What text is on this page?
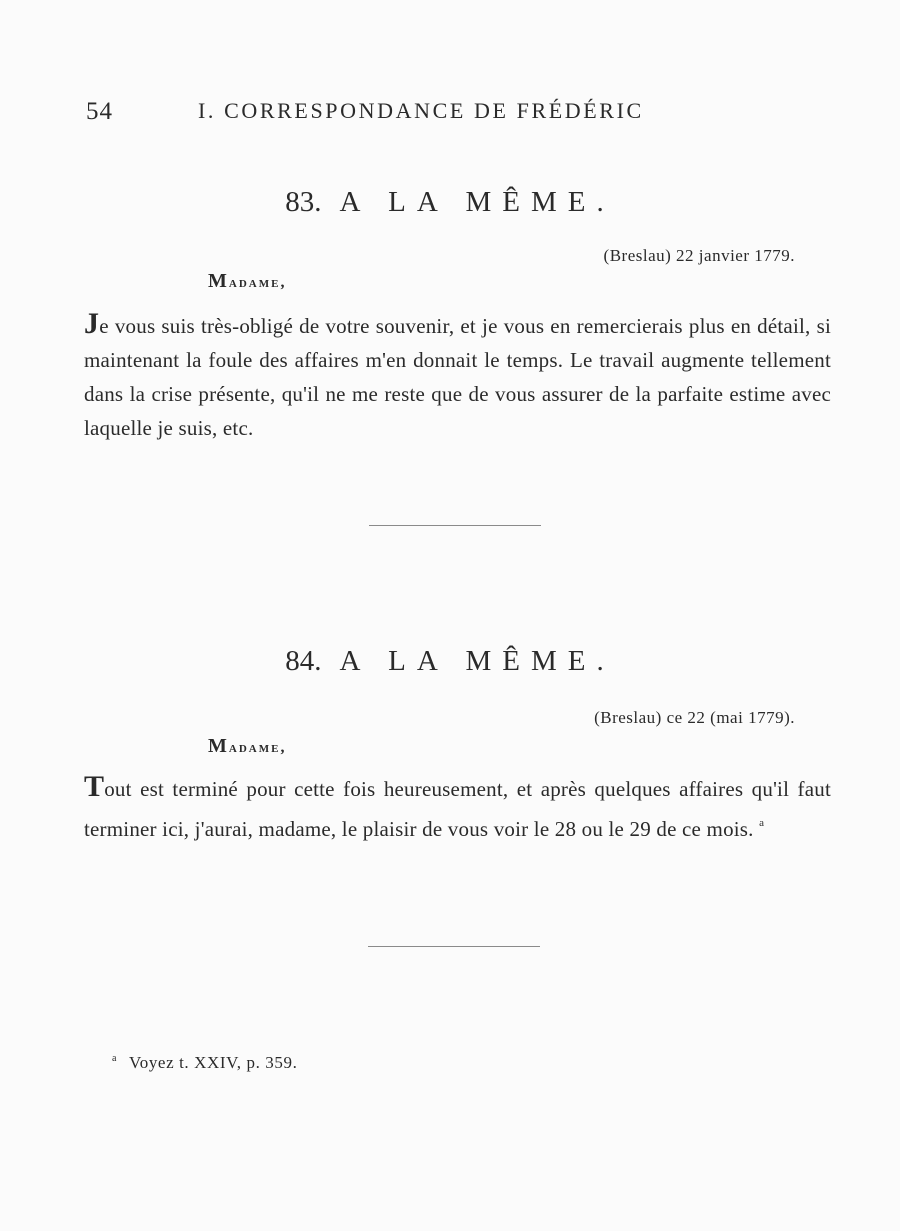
54	I. CORRESPONDANCE DE FRÉDÉRIC
83. A LA MÊME.
(Breslau) 22 janvier 1779.
Madame,
Je vous suis très-obligé de votre souvenir, et je vous en remercierais plus en détail, si maintenant la foule des affaires m'en donnait le temps. Le travail augmente tellement dans la crise présente, qu'il ne me reste que de vous assurer de la parfaite estime avec laquelle je suis, etc.
84. A LA MÊME.
(Breslau) ce 22 (mai 1779).
Madame,
Tout est terminé pour cette fois heureusement, et après quelques affaires qu'il faut terminer ici, j'aurai, madame, le plaisir de vous voir le 28 ou le 29 de ce mois. $^a$
$^a$ Voyez t. XXIV, p. 359.
